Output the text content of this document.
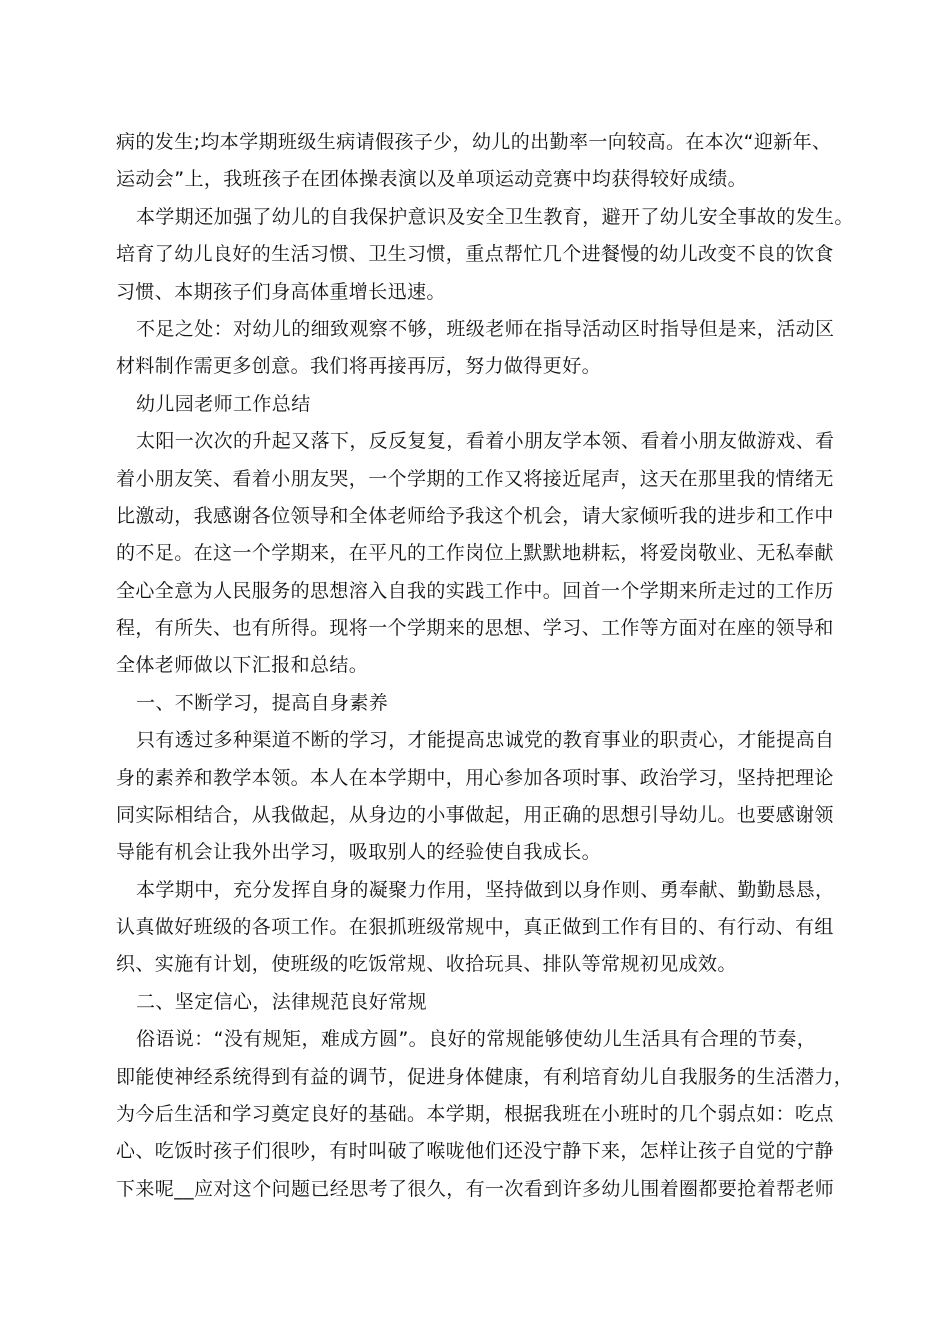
病的发生;均本学期班级生病请假孩子少，幼儿的出勤率一向较高。在本次“迎新年、
运动会”上，我班孩子在团体操表演以及单项运动竞赛中均获得较好成绩。
本学期还加强了幼儿的自我保护意识及安全卫生教育，避开了幼儿安全事故的发生。
培育了幼儿良好的生活习惯、卫生习惯，重点帮忙几个进餐慢的幼儿改变不良的饮食
习惯、本期孩子们身高体重增长迅速。
不足之处：对幼儿的细致观察不够，班级老师在指导活动区时指导但是来，活动区
材料制作需更多创意。我们将再接再厉，努力做得更好。
幼儿园老师工作总结
太阳一次次的升起又落下，反反复复，看着小朋友学本领、看着小朋友做游戏、看
着小朋友笑、看着小朋友哭，一个学期的工作又将接近尾声，这天在那里我的情绪无
比激动，我感谢各位领导和全体老师给予我这个机会，请大家倾听我的进步和工作中
的不足。在这一个学期来，在平凡的工作岗位上默默地耕耘，将爱岗敬业、无私奉献
全心全意为人民服务的思想溶入自我的实践工作中。回首一个学期来所走过的工作历
程，有所失、也有所得。现将一个学期来的思想、学习、工作等方面对在座的领导和
全体老师做以下汇报和总结。
一、不断学习，提高自身素养
只有透过多种渠道不断的学习，才能提高忠诚党的教育事业的职责心，才能提高自
身的素养和教学本领。本人在本学期中，用心参加各项时事、政治学习，坚持把理论
同实际相结合，从我做起，从身边的小事做起，用正确的思想引导幼儿。也要感谢领
导能有机会让我外出学习，吸取别人的经验使自我成长。
本学期中，充分发挥自身的凝聚力作用，坚持做到以身作则、勇奉献、勤勤恳恳，
认真做好班级的各项工作。在狠抓班级常规中，真正做到工作有目的、有行动、有组
织、实施有计划，使班级的吃饭常规、收拾玩具、排队等常规初见成效。
二、坚定信心，法律规范良好常规
俗语说：“没有规矩，难成方圆”。良好的常规能够使幼儿生活具有合理的节奏，
即能使神经系统得到有益的调节，促进身体健康，有利培育幼儿自我服务的生活潜力，
为今后生活和学习奠定良好的基础。本学期，根据我班在小班时的几个弱点如：吃点
心、吃饭时孩子们很吵，有时叫破了喉咙他们还没宁静下来，怎样让孩子自觉的宁静
下来呢__应对这个问题已经思考了很久，有一次看到许多幼儿围着圈都要抢着帮老师
